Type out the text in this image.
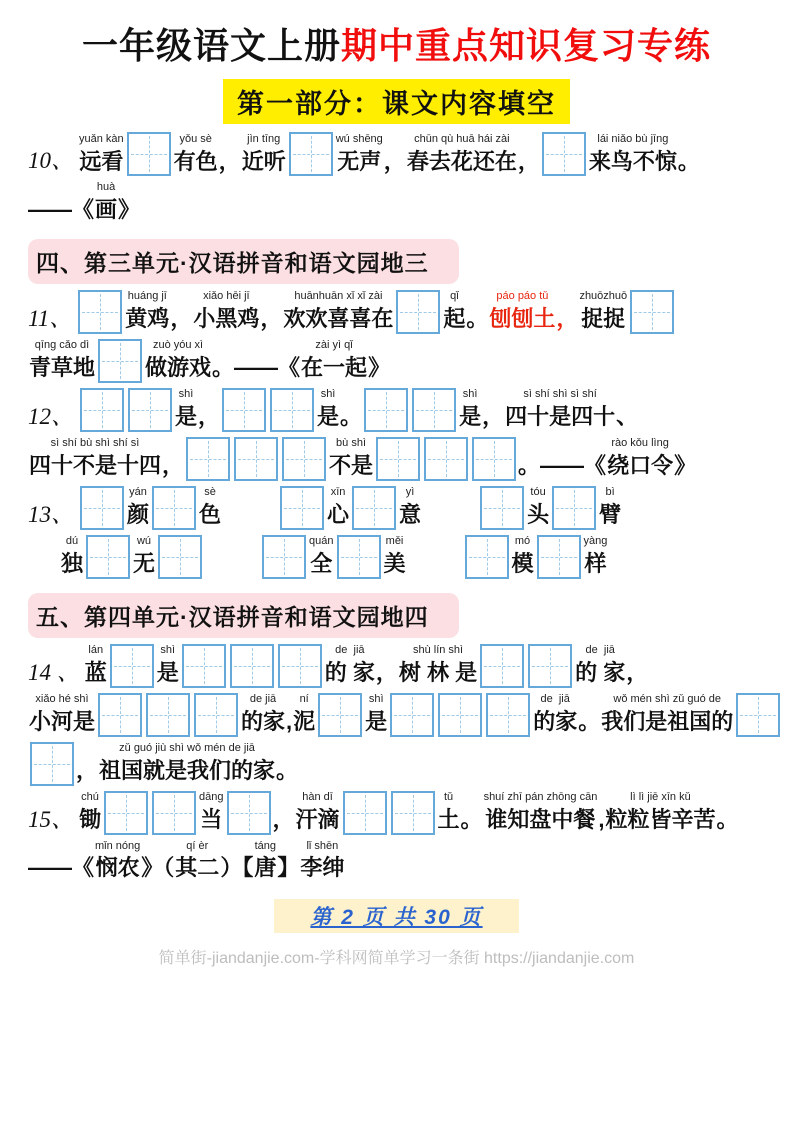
一年级语文上册期中重点知识复习专练
第一部分：课文内容填空
10、
yuǎn kàn
远看
yǒu sè
有色 ，
jìn tīng
近听
wú shēng
无声 ，
chūn qù huā hái zài
春去花还在 ，
lái niǎo bù jīng
来鸟不惊 。
——《
huà
画 》
四、第三单元·汉语拼音和语文园地三
11、
huáng jī
黄鸡 ，
xiǎo hēi jī
小黑鸡 ，
huānhuān xǐ xǐ zài
欢欢喜喜在
qǐ
起 。
páo páo tǔ
刨刨土 ，
zhuōzhuō
捉捉
qīng cǎo dì
青草地
zuò yóu xì
做游戏 。——《
zài yì qǐ
在一起 》
12、
shì
是 ，
shì
是 。
shì
是 ，
sì shí shì sì shí
四十是四十 、
sì shí bù shì shí sì
四十不是十四 ，
bù shì
不是	。——《
rào kǒu lìng
绕口令 》
13、
yán
颜
sè
色
xīn
心
yì
意
tóu
头
bì
臂
dú
独
wú
无
quán
全
měi
美
mó
模
yàng
样
五、第四单元·汉语拼音和语文园地四
14 、
lán
蓝
shì
是
de  jiā
的 家 ，
shù lín shì
树 林 是
de  jiā
的 家 ，
xiǎo hé shì
小河是
de jiā
的家 ,
ní
泥
shì
是
de  jiā
的家 。
wǒ mén shì zǔ guó de
我们是祖国的
，
zǔ guó jiù shì wǒ mén de jiā
祖国就是我们的家 。
15、
chú
锄
dāng
当 ，
hàn dī
汗滴
tǔ
土 。
shuí zhī pán zhōng cān
谁知盘中餐 ,
lì lì jiē xīn kǔ
粒粒皆辛苦 。
——《
mǐn nóng
悯农 》（
qí èr
其二 ）【
táng
唐 】
lǐ shēn
李绅
第 2 页 共 30 页
简单街-jiandanjie.com-学科网简单学习一条街 https://jiandanjie.com
